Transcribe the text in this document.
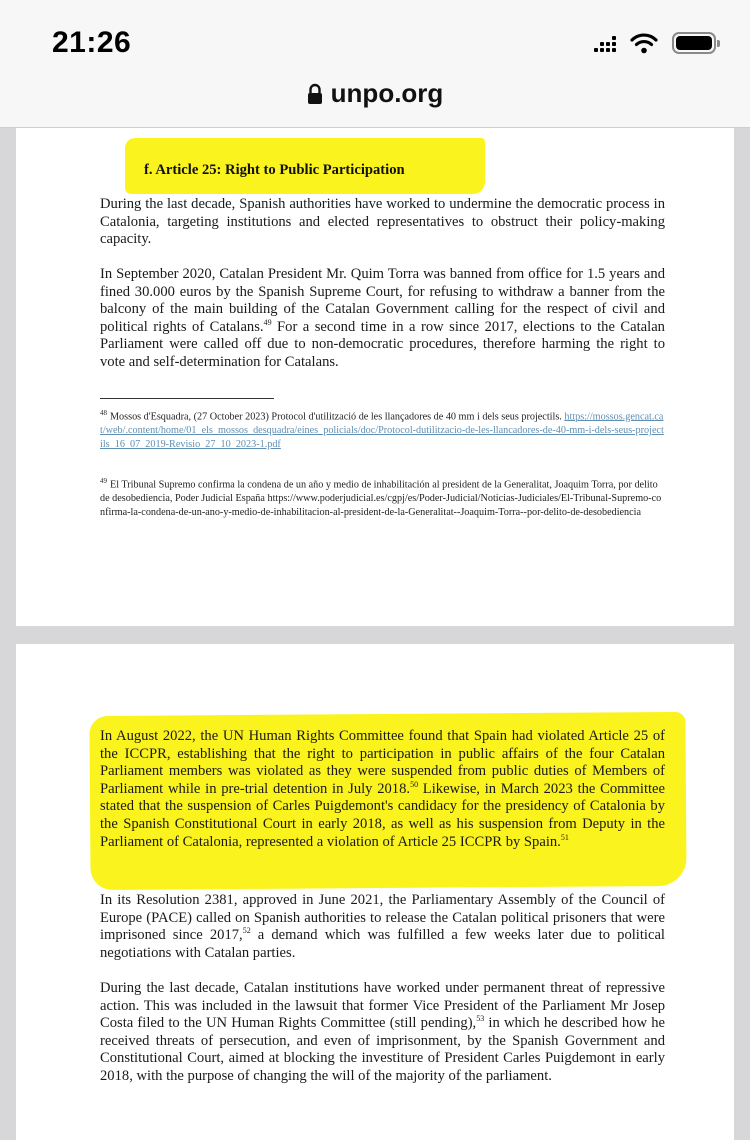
21:26
unpo.org
f. Article 25: Right to Public Participation

During the last decade, Spanish authorities have worked to undermine the democratic process in Catalonia, targeting institutions and elected representatives to obstruct their policy-making capacity.

In September 2020, Catalan President Mr. Quim Torra was banned from office for 1.5 years and fined 30.000 euros by the Spanish Supreme Court, for refusing to withdraw a banner from the balcony of the main building of the Catalan Government calling for the respect of civil and political rights of Catalans.$^{49}$ For a second time in a row since 2017, elections to the Catalan Parliament were called off due to non-democratic procedures, therefore harming the right to vote and self-determination for Catalans.

$^{48}$ Mossos d'Esquadra, (27 October 2023) Protocol d'utilització de les llançadores de 40 mm i dels seus projectils. https://mossos.gencat.cat/web/.content/home/01_els_mossos_desquadra/eines_policials/doc/Protocol-dutilitzacio-de-les-llancadores-de-40-mm-i-dels-seus-projectils_16_07_2019-Revisio_27_10_2023-1.pdf
$^{49}$ El Tribunal Supremo confirma la condena de un año y medio de inhabilitación al president de la Generalitat, Joaquim Torra, por delito de desobediencia, Poder Judicial España https://www.poderjudicial.es/cgpj/es/Poder-Judicial/Noticias-Judiciales/El-Tribunal-Supremo-confirma-la-condena-de-un-ano-y-medio-de-inhabilitacion-al-president-de-la-Generalitat--Joaquim-Torra--por-delito-de-desobediencia

In August 2022, the UN Human Rights Committee found that Spain had violated Article 25 of the ICCPR, establishing that the right to participation in public affairs of the four Catalan Parliament members was violated as they were suspended from public duties of Members of Parliament while in pre-trial detention in July 2018.50 Likewise, in March 2023 the Committee stated that the suspension of Carles Puigdemont's candidacy for the presidency of Catalonia by the Spanish Constitutional Court in early 2018, as well as his suspension from Deputy in the Parliament of Catalonia, represented a violation of Article 25 ICCPR by Spain.$^{51}$

In its Resolution 2381, approved in June 2021, the Parliamentary Assembly of the Council of Europe (PACE) called on Spanish authorities to release the Catalan political prisoners that were imprisoned since 2017,52 a demand which was fulfilled a few weeks later due to political negotiations with Catalan parties.

During the last decade, Catalan institutions have worked under permanent threat of repressive action. This was included in the lawsuit that former Vice President of the Parliament Mr Josep Costa filed to the UN Human Rights Committee (still pending),$^{53}$ in which he described how he received threats of persecution, and even of imprisonment, by the Spanish Government and Constitutional Court, aimed at blocking the investiture of President Carles Puigdemont in early 2018, with the purpose of changing the will of the majority of the parliament.
